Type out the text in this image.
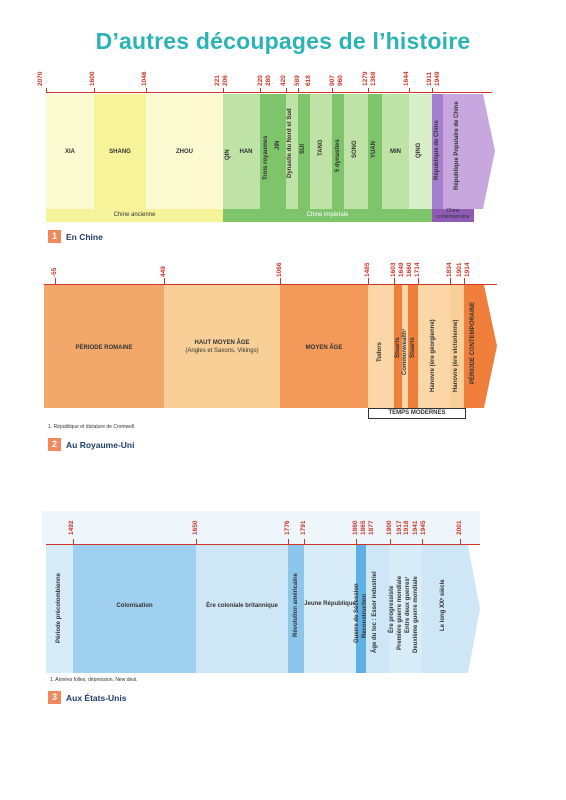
D’autres découpages de l’histoire
Chine ancienne	Chine impériale
Chine contemporaine
2070	1600	1046	221 206	220 280 420 589 618	907 960	1279 1368	1644 1911 1949
XIA	SHANG	ZHOU	QIN	HAN	Trois royaumes JIN Dynastie du Nord et Sud SUI TANG 5 dynasties SONG YUAN	MIN	QING République de Chine République Populaire de Chine
1	En Chine
-55	449	1066	1485	1603 1649 1660 1714	1834 1901 1914
PÉRIODE ROMAINE
HAUT MOYEN ÂGE
(Angles et Saxons, Vikings)	MOYEN ÂGE	Tudors Stuarts Commonwealth¹ Stuarts Hanovre (ère géorgienne)	Hanovre (ère victorienne) PÉRIODE CONTEMPORAINE
TEMPS MODERNES
1. République et dictature de Cromwell.
2	Au Royaume-Uni
1492	1650	1776 1791	1860 1865 1877 1900 1917 1918 1941 1945	2001
Période précolombienne	Colonisation	Ère coloniale britannique	Révolution américaine Jeune République
Guerre de Sécession Reconstruction Âge du toc : Essor industriel Ère progressiste Première guerre mondiale Entre deux guerres¹ Deuxième guerre mondiale	Le long XXᵉ siècle
1. Années folles, dépression, New deal.
3	Aux États-Unis
